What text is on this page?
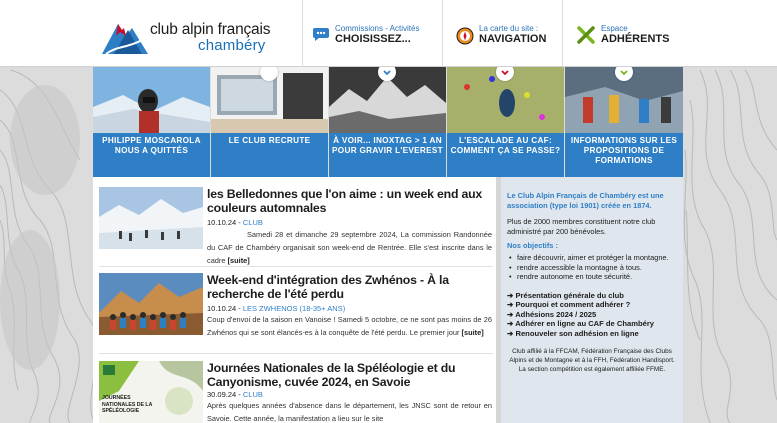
club alpin français
chambéry
Commissions - Activités
CHOISISSEZ...
La carte du site :
NAVIGATION
Espace
ADHÉRENTS
PHILIPPE MOSCAROLA NOUS A QUITTÉS
LE CLUB RECRUTE	À VOIR... INOXTAG > 1 AN POUR GRAVIR L'EVEREST
L'ESCALADE AU CAF: COMMENT ÇA SE PASSE?
INFORMATIONS SUR LES PROPOSITIONS DE FORMATIONS
les Belledonnes que l'on aime : un week end aux couleurs automnales
10.10.24 - CLUB
Samedi 28 et dimanche 29 septembre 2024, La commission Randonnée du CAF de Chambéry organisait son week-end de Rentrée. Elle s'est inscrite dans le cadre [suite]
Week-end d'intégration des Zwhénos - À la recherche de l'été perdu
10.10.24 - LES ZWHENOS (18-35+ ANS)
Coup d'envoi de la saison en Vanoise ! Samedi 5 octobre, ce ne sont pas moins de 26 Zwhénos qui se sont élancés-es à la conquête de l'été perdu. Le premier jour [suite]
JOURNÉES NATIONALES DE LA SPÉLÉOLOGIE
Journées Nationales de la Spéléologie et du Canyonisme, cuvée 2024, en Savoie
30.09.24 - CLUB
Après quelques années d'absence dans le département, les JNSC sont de retour en Savoie. Cette année, la manifestation a lieu sur le site
Le Club Alpin Français de Chambéry est une association (type loi 1901) créée en 1874.

Plus de 2000 membres constituent notre club administré par 200 bénévoles.

Nos objectifs :
• faire découvrir, aimer et protéger la montagne.
• rendre accessible la montagne à tous.
• rendre autonome en toute sécurité.
➔ Présentation générale du club
➔ Pourquoi et comment adhérer ?
➔ Adhésions 2024 / 2025
➔ Adhérer en ligne au CAF de Chambéry
➔ Renouveler son adhésion en ligne
Club affilié à la FFCAM, Fédération Française des Clubs Alpins et de Montagne et à la FFH, Fédération Handisport. La section compétition est également affiliée FFME.
